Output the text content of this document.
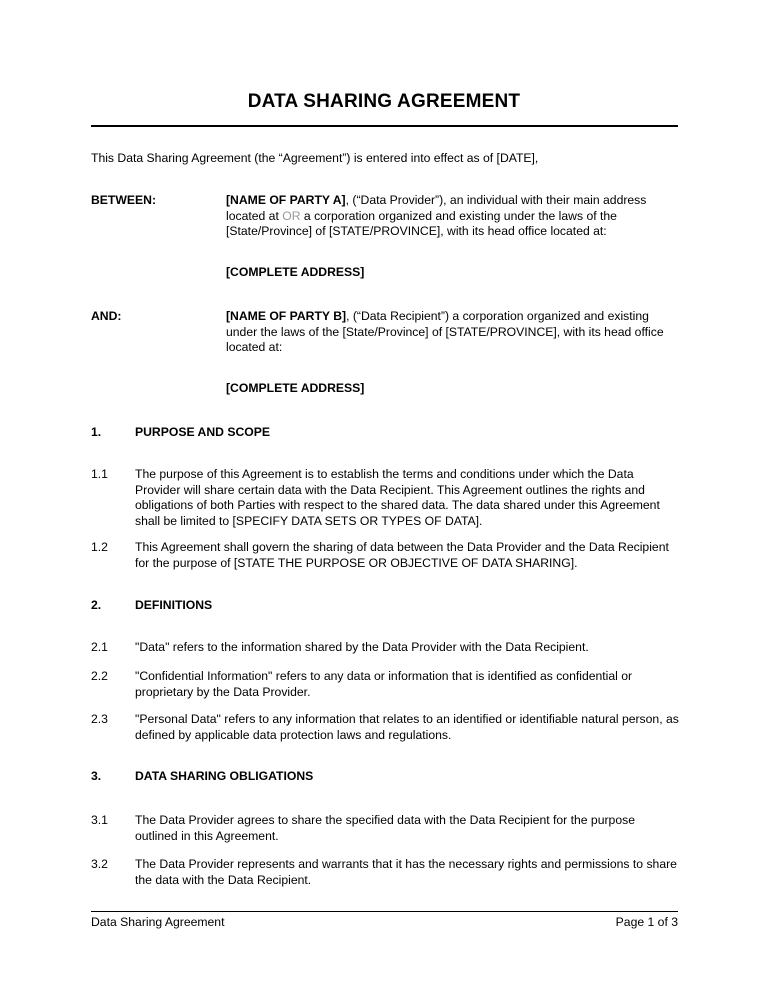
DATA SHARING AGREEMENT
This Data Sharing Agreement (the “Agreement”) is entered into effect as of [DATE],
BETWEEN:	[NAME OF PARTY A], (“Data Provider”), an individual with their main address located at OR a corporation organized and existing under the laws of the [State/Province] of [STATE/PROVINCE], with its head office located at:
[COMPLETE ADDRESS]
AND:	[NAME OF PARTY B], (“Data Recipient”) a corporation organized and existing under the laws of the [State/Province] of [STATE/PROVINCE], with its head office located at:
[COMPLETE ADDRESS]
1.	PURPOSE AND SCOPE
1.1 The purpose of this Agreement is to establish the terms and conditions under which the Data Provider will share certain data with the Data Recipient. This Agreement outlines the rights and obligations of both Parties with respect to the shared data. The data shared under this Agreement shall be limited to [SPECIFY DATA SETS OR TYPES OF DATA].
1.2 This Agreement shall govern the sharing of data between the Data Provider and the Data Recipient for the purpose of [STATE THE PURPOSE OR OBJECTIVE OF DATA SHARING].
2.	DEFINITIONS
2.1 "Data" refers to the information shared by the Data Provider with the Data Recipient.
2.2 "Confidential Information" refers to any data or information that is identified as confidential or proprietary by the Data Provider.
2.3 "Personal Data" refers to any information that relates to an identified or identifiable natural person, as defined by applicable data protection laws and regulations.
3.	DATA SHARING OBLIGATIONS
3.1 The Data Provider agrees to share the specified data with the Data Recipient for the purpose outlined in this Agreement.
3.2 The Data Provider represents and warrants that it has the necessary rights and permissions to share the data with the Data Recipient.
Data Sharing Agreement	Page 1 of 3
